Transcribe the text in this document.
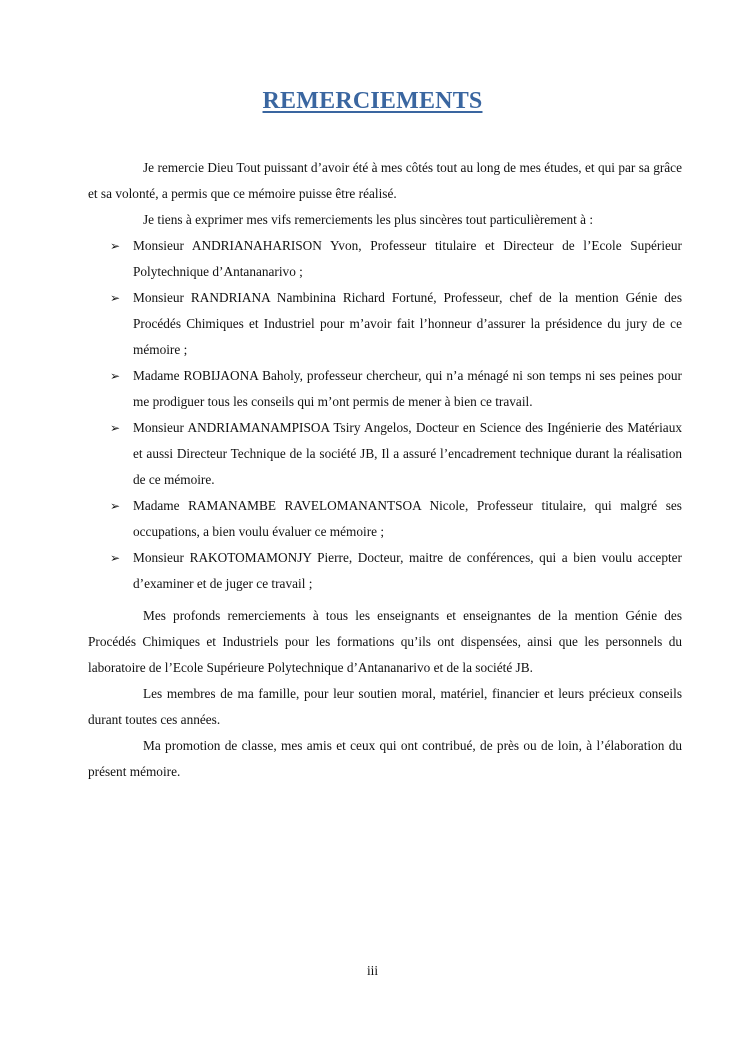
REMERCIEMENTS

Je remercie Dieu Tout puissant d’avoir été à mes côtés tout au long de mes études, et qui par sa grâce et sa volonté, a permis que ce mémoire puisse être réalisé.

Je tiens à exprimer mes vifs remerciements les plus sincères tout particulièrement à :

➢ Monsieur ANDRIANAHARISON Yvon, Professeur titulaire et Directeur de l’Ecole Supérieur Polytechnique d’Antananarivo ;
➢ Monsieur RANDRIANA Nambinina Richard Fortuné, Professeur, chef de la mention Génie des Procédés Chimiques et Industriel pour m’avoir fait l’honneur d’assurer la présidence du jury de ce mémoire ;
➢ Madame ROBIJAONA Baholy, professeur chercheur, qui n’a ménagé ni son temps ni ses peines pour me prodiguer tous les conseils qui m’ont permis de mener à bien ce travail.
➢ Monsieur ANDRIAMANAMPISOA Tsiry Angelos, Docteur en Science des Ingénierie des Matériaux et aussi Directeur Technique de la société JB, Il a assuré l’encadrement technique durant la réalisation de ce mémoire.
➢ Madame RAMANAMBE RAVELOMANANTSOA Nicole, Professeur titulaire, qui malgré ses occupations, a bien voulu évaluer ce mémoire ;
➢ Monsieur RAKOTOMAMONJY Pierre, Docteur, maitre de conférences, qui a bien voulu accepter d’examiner et de juger ce travail ;

Mes profonds remerciements à tous les enseignants et enseignantes de la mention Génie des Procédés Chimiques et Industriels pour les formations qu’ils ont dispensées, ainsi que les personnels du laboratoire de l’Ecole Supérieure Polytechnique d’Antananarivo et de la société JB.

Les membres de ma famille, pour leur soutien moral, matériel, financier et leurs précieux conseils durant toutes ces années.

Ma promotion de classe, mes amis et ceux qui ont contribué, de près ou de loin, à l’élaboration du présent mémoire.

iii
